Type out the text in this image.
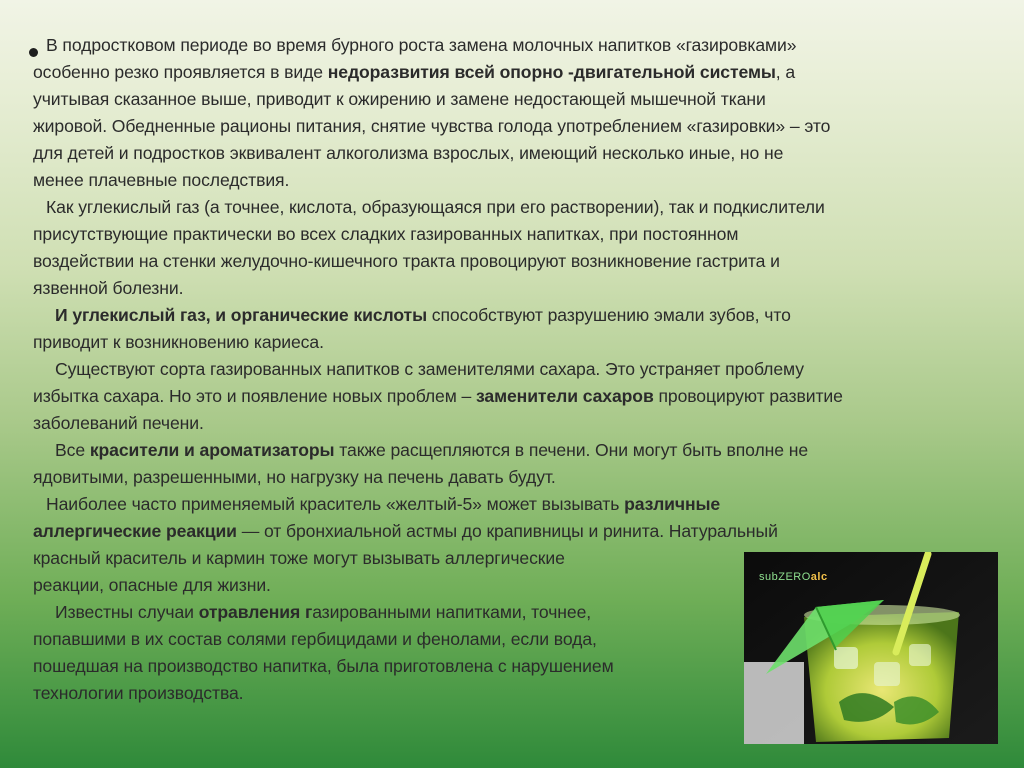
В подростковом периоде во время бурного роста замена молочных напитков «газировками»
особенно резко проявляется в виде недоразвития всей опорно -двигательной системы, а
учитывая сказанное выше, приводит к ожирению и замене недостающей мышечной ткани
жировой. Обедненные рационы питания, снятие чувства голода употреблением «газировки» – это
для детей и подростков эквивалент алкоголизма взрослых, имеющий несколько иные, но не
менее плачевные последствия.

Как углекислый газ (а точнее, кислота, образующаяся при его растворении), так и подкислители
присутствующие практически во всех сладких газированных напитках, при постоянном
воздействии на стенки желудочно-кишечного тракта провоцируют возникновение гастрита и
язвенной болезни.

И углекислый газ, и органические кислоты способствуют разрушению эмали зубов, что
приводит к возникновению кариеса.

Существуют сорта газированных напитков с заменителями сахара. Это устраняет проблему
избытка сахара. Но это и появление новых проблем – заменители сахаров провоцируют развитие
заболеваний печени.

Все красители и ароматизаторы также расщепляются в печени. Они могут быть вполне не
ядовитыми, разрешенными, но нагрузку на печень давать будут.

Наиболее часто применяемый краситель «желтый-5» может вызывать различные
аллергические реакции — от бронхиальной астмы до крапивницы и ринита. Натуральный
красный краситель и кармин тоже могут вызывать аллергические
реакции, опасные для жизни.

Известны случаи отравления газированными напитками, точнее,
попавшими в их состав солями гербицидами и фенолами, если вода,
пошедшая на производство напитка, была приготовлена с нарушением
технологии производства.

subZEROalc
